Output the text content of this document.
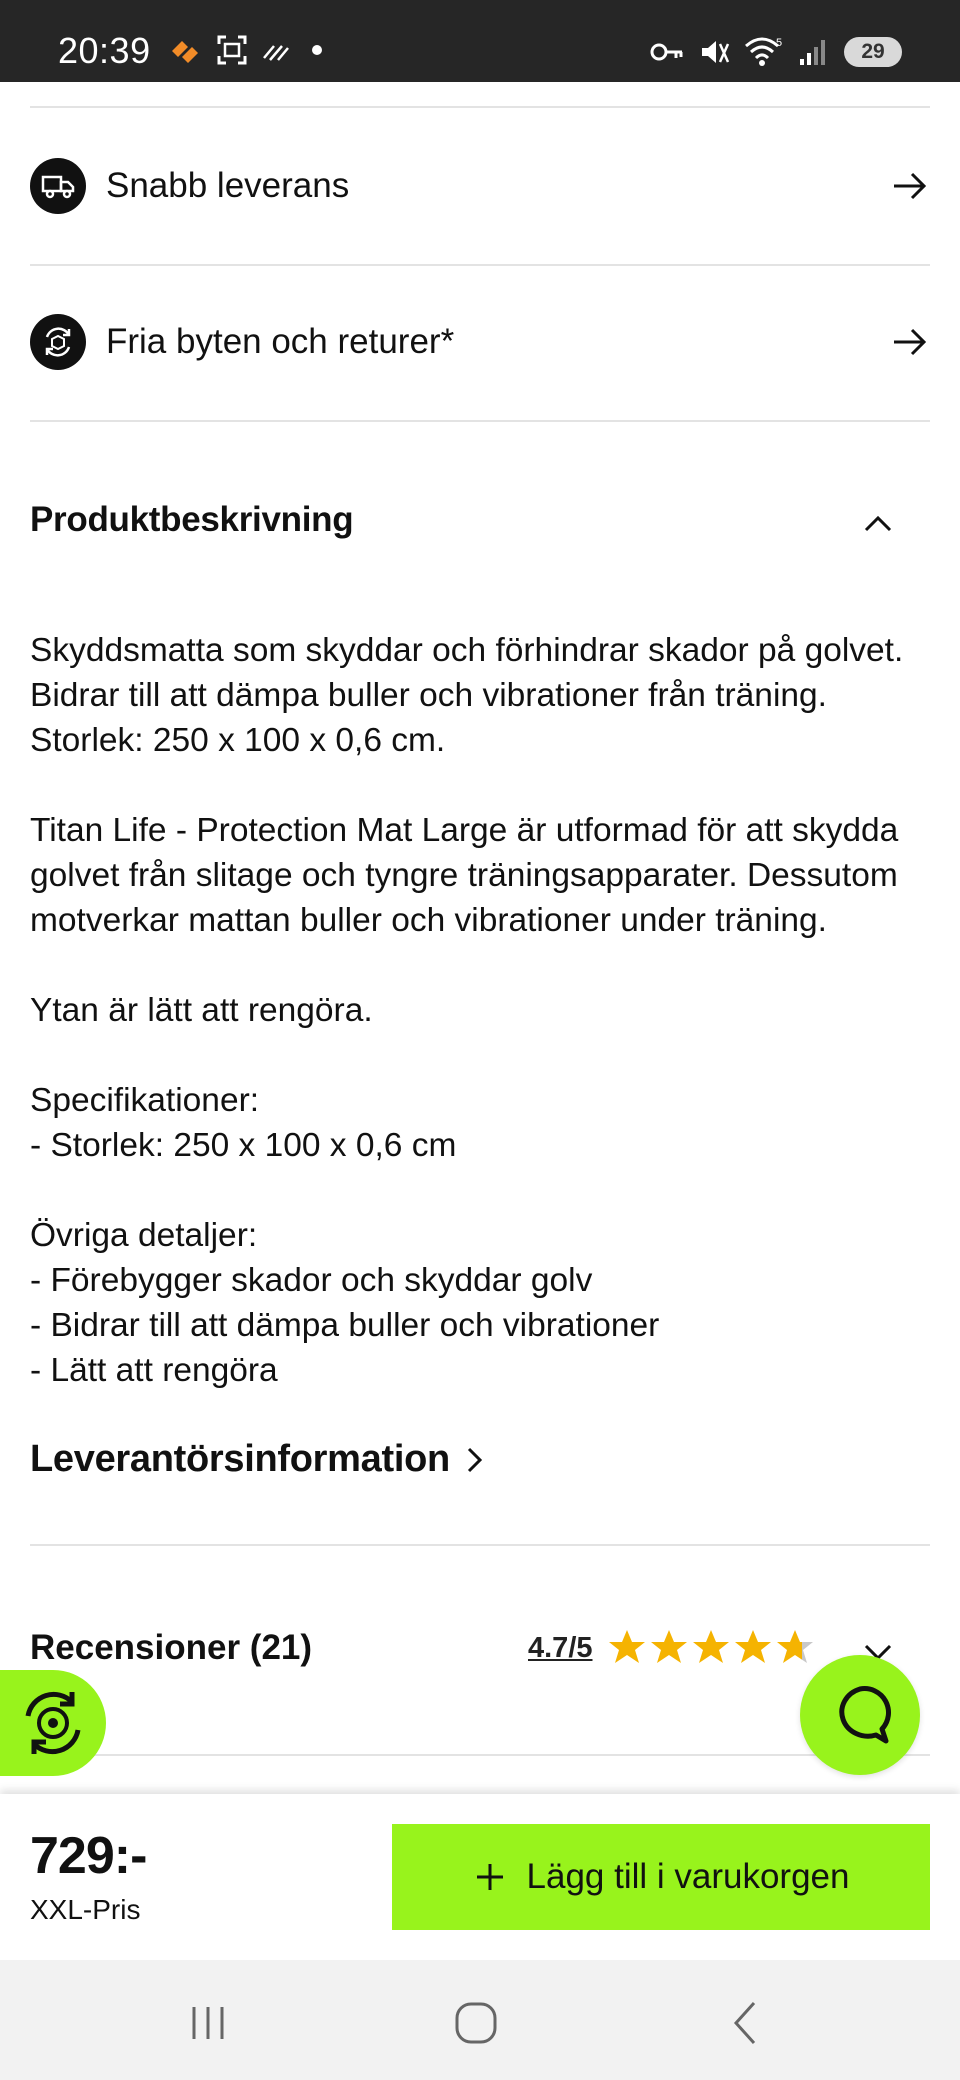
20:39	5	29
Snabb leverans
Fria byten och returer*
Produktbeskrivning

Skyddsmatta som skyddar och förhindrar skador på golvet. Bidrar till att dämpa buller och vibrationer från träning. Storlek: 250 x 100 x 0,6 cm.

Titan Life - Protection Mat Large är utformad för att skydda golvet från slitage och tyngre träningsapparater. Dessutom motverkar mattan buller och vibrationer under träning.

Ytan är lätt att rengöra.

Specifikationer:

- Storlek: 250 x 100 x 0,6 cm

Övriga detaljer:

- Förebygger skador och skyddar golv

- Bidrar till att dämpa buller och vibrationer

- Lätt att rengöra

Leverantörsinformation
Recensioner (21)	4.7/5
729:-
XXL-Pris
Lägg till i varukorgen
